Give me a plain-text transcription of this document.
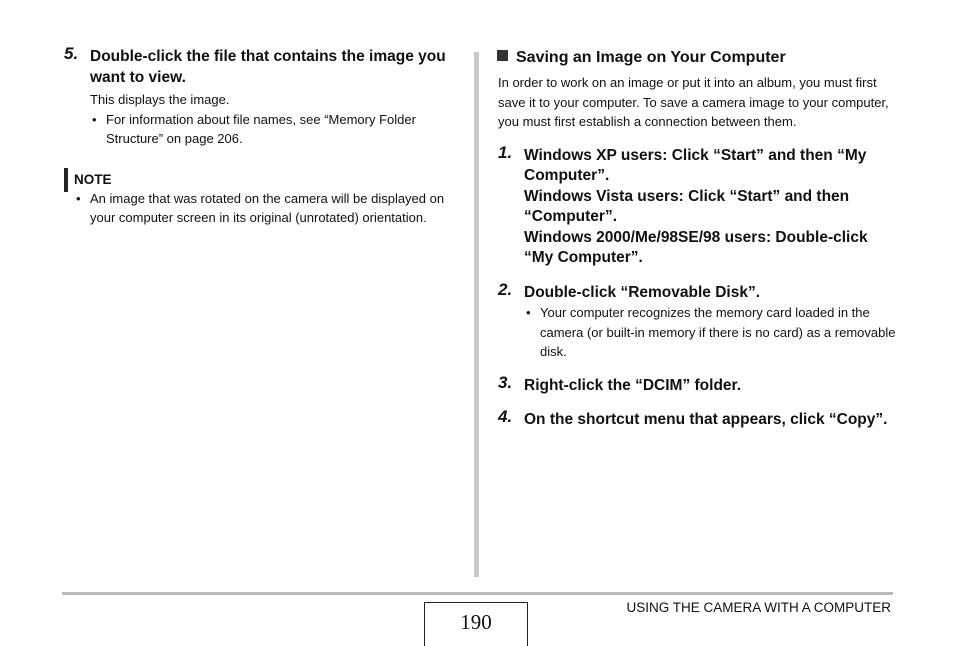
5. Double-click the file that contains the image you want to view.
This displays the image.
• For information about file names, see “Memory Folder Structure” on page 206.
NOTE
• An image that was rotated on the camera will be displayed on your computer screen in its original (unrotated) orientation.
Saving an Image on Your Computer
In order to work on an image or put it into an album, you must first save it to your computer. To save a camera image to your computer, you must first establish a connection between them.
1. Windows XP users: Click “Start” and then “My Computer”.
Windows Vista users: Click “Start” and then “Computer”.
Windows 2000/Me/98SE/98 users: Double-click “My Computer”.
2. Double-click “Removable Disk”.
• Your computer recognizes the memory card loaded in the camera (or built-in memory if there is no card) as a removable disk.
3. Right-click the “DCIM” folder.
4. On the shortcut menu that appears, click “Copy”.
190
USING THE CAMERA WITH A COMPUTER
